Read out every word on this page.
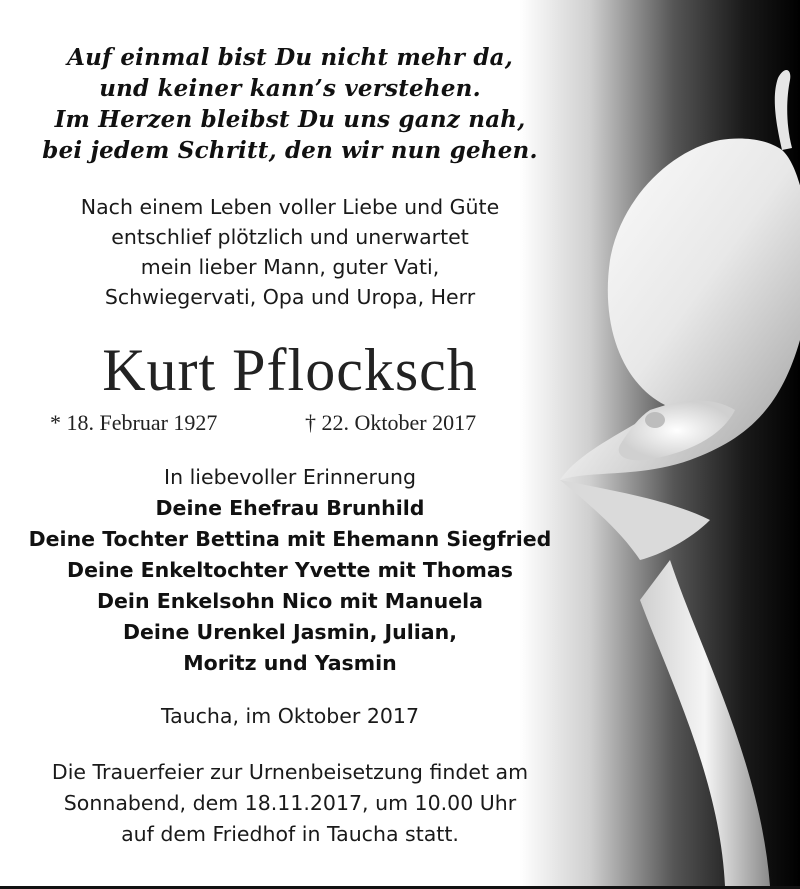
Auf einmal bist Du nicht mehr da,
und keiner kann’s verstehen.
Im Herzen bleibst Du uns ganz nah,
bei jedem Schritt, den wir nun gehen.
Nach einem Leben voller Liebe und Güte
entschlief plötzlich und unerwartet
mein lieber Mann, guter Vati,
Schwiegervati, Opa und Uropa, Herr
Kurt Pflocksch
* 18. Februar 1927	† 22. Oktober 2017
In liebevoller Erinnerung
Deine Ehefrau Brunhild
Deine Tochter Bettina mit Ehemann Siegfried
Deine Enkeltochter Yvette mit Thomas
Dein Enkelsohn Nico mit Manuela
Deine Urenkel Jasmin, Julian,
Moritz und Yasmin
Taucha, im Oktober 2017
Die Trauerfeier zur Urnenbeisetzung findet am
Sonnabend, dem 18.11.2017, um 10.00 Uhr
auf dem Friedhof in Taucha statt.
